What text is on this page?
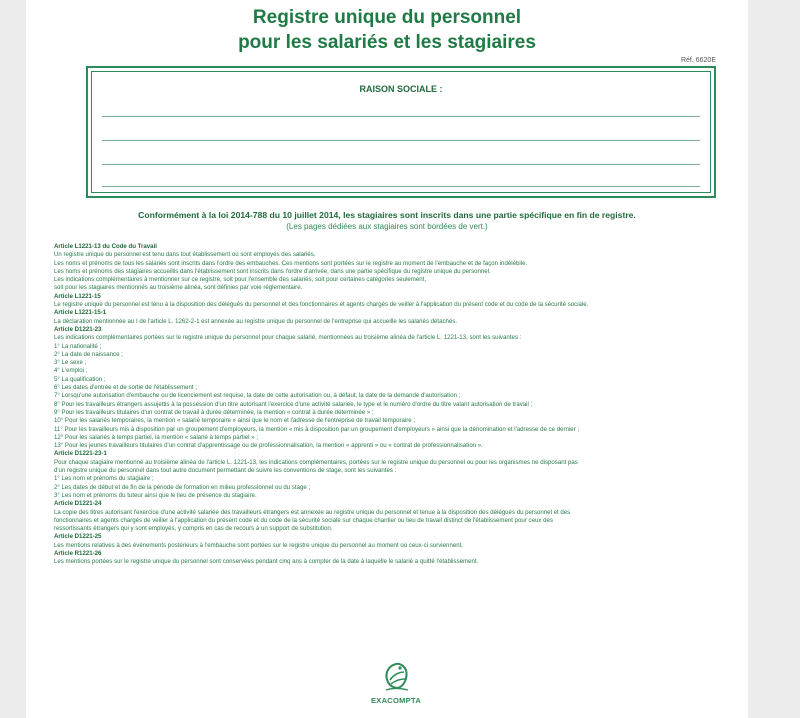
Registre unique du personnel
pour les salariés et les stagiaires
Réf. 6620E
RAISON SOCIALE :
Conformément à la loi 2014-788 du 10 juillet 2014, les stagiaires sont inscrits dans une partie spécifique en fin de registre.
(Les pages dédiées aux stagiaires sont bordées de vert.)
Article L1221-13 du Code du Travail
Un registre unique du personnel est tenu dans tout établissement où sont employés des salariés.
Les noms et prénoms de tous les salariés sont inscrits dans l'ordre des embauches. Ces mentions sont portées sur le registre au moment de l'embauche et de façon indélébile.
Les noms et prénoms des stagiaires accueillis dans l'établissement sont inscrits dans l'ordre d'arrivée, dans une partie spécifique du registre unique du personnel.
Les indications complémentaires à mentionner sur ce registre, soit pour l'ensemble des salariés, soit pour certaines catégories seulement,
soit pour les stagiaires mentionnés au troisième alinéa, sont définies par voie réglementaire.
Article L1221-15
Le registre unique du personnel est tenu à la disposition des délégués du personnel et des fonctionnaires et agents chargés de veiller à l'application du présent code et du code de la sécurité sociale.
Article L1221-15-1
La déclaration mentionnée au I de l'article L. 1262-2-1 est annexée au registre unique du personnel de l'entreprise qui accueille les salariés détachés.
Article D1221-23
Les indications complémentaires portées sur le registre unique du personnel pour chaque salarié, mentionnées au troisième alinéa de l'article L. 1221-13, sont les suivantes :
1° La nationalité ;
2° La date de naissance ;
3° Le sexe ;
4° L'emploi ;
5° La qualification ;
6° Les dates d'entrée et de sortie de l'établissement ;
7° Lorsqu'une autorisation d'embauche ou de licenciement est requise, la date de cette autorisation ou, à défaut, la date de la demande d'autorisation ;
8° Pour les travailleurs étrangers assujettis à la possession d'un titre autorisant l'exercice d'une activité salariée, le type et le numéro d'ordre du titre valant autorisation de travail ;
9° Pour les travailleurs titulaires d'un contrat de travail à durée déterminée, la mention « contrat à durée déterminée » ;
10° Pour les salariés temporaires, la mention « salarié temporaire » ainsi que le nom et l'adresse de l'entreprise de travail temporaire ;
11° Pour les travailleurs mis à disposition par un groupement d'employeurs, la mention « mis à disposition par un groupement d'employeurs » ainsi que la dénomination et l'adresse de ce dernier ;
12° Pour les salariés à temps partiel, la mention « salarié à temps partiel » ;
13° Pour les jeunes travailleurs titulaires d'un contrat d'apprentissage ou de professionnalisation, la mention « apprenti » ou « contrat de professionnalisation ».
Article D1221-23-1
Pour chaque stagiaire mentionné au troisième alinéa de l'article L. 1221-13, les indications complémentaires, portées sur le registre unique du personnel ou pour les organismes ne disposant pas
d'un registre unique du personnel dans tout autre document permettant de suivre les conventions de stage, sont les suivantes :
1° Les nom et prénoms du stagiaire ;
2° Les dates de début et de fin de la période de formation en milieu professionnel ou du stage ;
3° Les nom et prénoms du tuteur ainsi que le lieu de présence du stagiaire.
Article D1221-24
La copie des titres autorisant l'exercice d'une activité salariée des travailleurs étrangers est annexée au registre unique du personnel et tenue à la disposition des délégués du personnel et des
fonctionnaires et agents chargés de veiller à l'application du présent code et du code de la sécurité sociale sur chaque chantier ou lieu de travail distinct de l'établissement pour ceux des
ressortissants étrangers qui y sont employés, y compris en cas de recours à un support de substitution.
Article D1221-25
Les mentions relatives à des événements postérieurs à l'embauche sont portées sur le registre unique du personnel au moment où ceux-ci surviennent.
Article R1221-26
Les mentions portées sur le registre unique du personnel sont conservées pendant cinq ans à compter de la date à laquelle le salarié a quitté l'établissement.
EXACOMPTA
